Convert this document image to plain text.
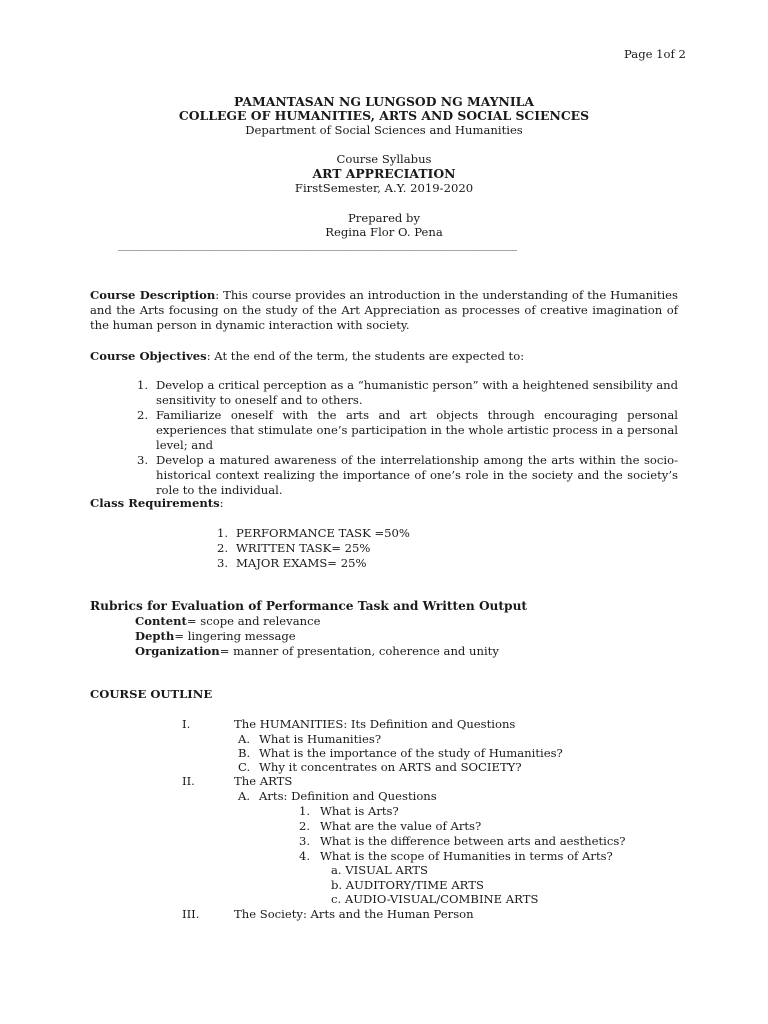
Page 1of 2
PAMANTASAN NG LUNGSOD NG MAYNILA
COLLEGE OF HUMANITIES, ARTS AND SOCIAL SCIENCES
Department of Social Sciences and Humanities
Course Syllabus
ART APPRECIATION
FirstSemester, A.Y. 2019-2020
Prepared by
Regina Flor O. Pena
____________________________________________________________________________

Course Description: This course provides an introduction in the understanding of the Humanities and the Arts focusing on the study of the Art Appreciation as processes of creative imagination of the human person in dynamic interaction with society.

Course Objectives: At the end of the term, the students are expected to:

1. Develop a critical perception as a “humanistic person” with a heightened sensibility and sensitivity to oneself and to others.
2. Familiarize oneself with the arts and art objects through encouraging personal experiences that stimulate one’s participation in the whole artistic process in a personal level; and
3. Develop a matured awareness of the interrelationship among the arts within the socio-historical context realizing the importance of one’s role in the society and the society’s role to the individual.

Class Requirements:

1. PERFORMANCE TASK =50%
2. WRITTEN TASK= 25%
3. MAJOR EXAMS= 25%
Rubrics for Evaluation of Performance Task and Written Output
Content= scope and relevance
Depth= lingering message
Organization= manner of presentation, coherence and unity
COURSE OUTLINE
I.	The HUMANITIES: Its Definition and Questions
A. What is Humanities?
B. What is the importance of the study of Humanities?
C. Why it concentrates on ARTS and SOCIETY?
II.	The ARTS
A. Arts: Definition and Questions
1. What is Arts?
2. What are the value of Arts?
3. What is the difference between arts and aesthetics?
4. What is the scope of Humanities in terms of Arts?
a. VISUAL ARTS
b. AUDITORY/TIME ARTS
c. AUDIO-VISUAL/COMBINE ARTS
III.	The Society: Arts and the Human Person
